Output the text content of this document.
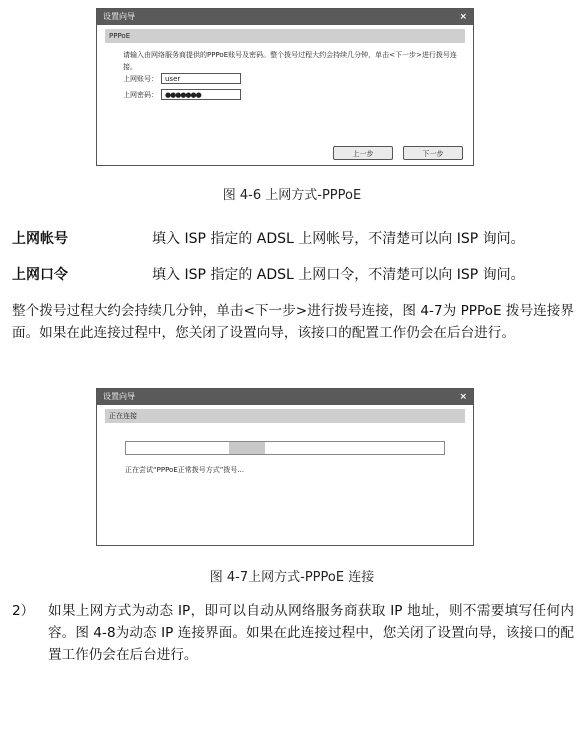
设置向导	×
PPPoE
请输入由网络服务商提供的PPPoE账号及密码。整个拨号过程大约会持续几分钟，单击<下一步>进行拨号连接。
上网账号：	user
上网密码：	●●●●●●●
上一步	下一步
图 4-6 上网方式-PPPoE
上网帐号	填入 ISP 指定的 ADSL 上网帐号，不清楚可以向 ISP 询问。
上网口令	填入 ISP 指定的 ADSL 上网口令，不清楚可以向 ISP 询问。
整个拨号过程大约会持续几分钟，单击<下一步>进行拨号连接，图 4-7为 PPPoE 拨号连接界面。如果在此连接过程中，您关闭了设置向导，该接口的配置工作仍会在后台进行。
设置向导	×
正在连接
正在尝试“PPPoE正常拨号方式”拨号...
图 4-7上网方式-PPPoE 连接
2） 如果上网方式为动态 IP，即可以自动从网络服务商获取 IP 地址，则不需要填写任何内容。图 4-8为动态 IP 连接界面。如果在此连接过程中，您关闭了设置向导，该接口的配置工作仍会在后台进行。
